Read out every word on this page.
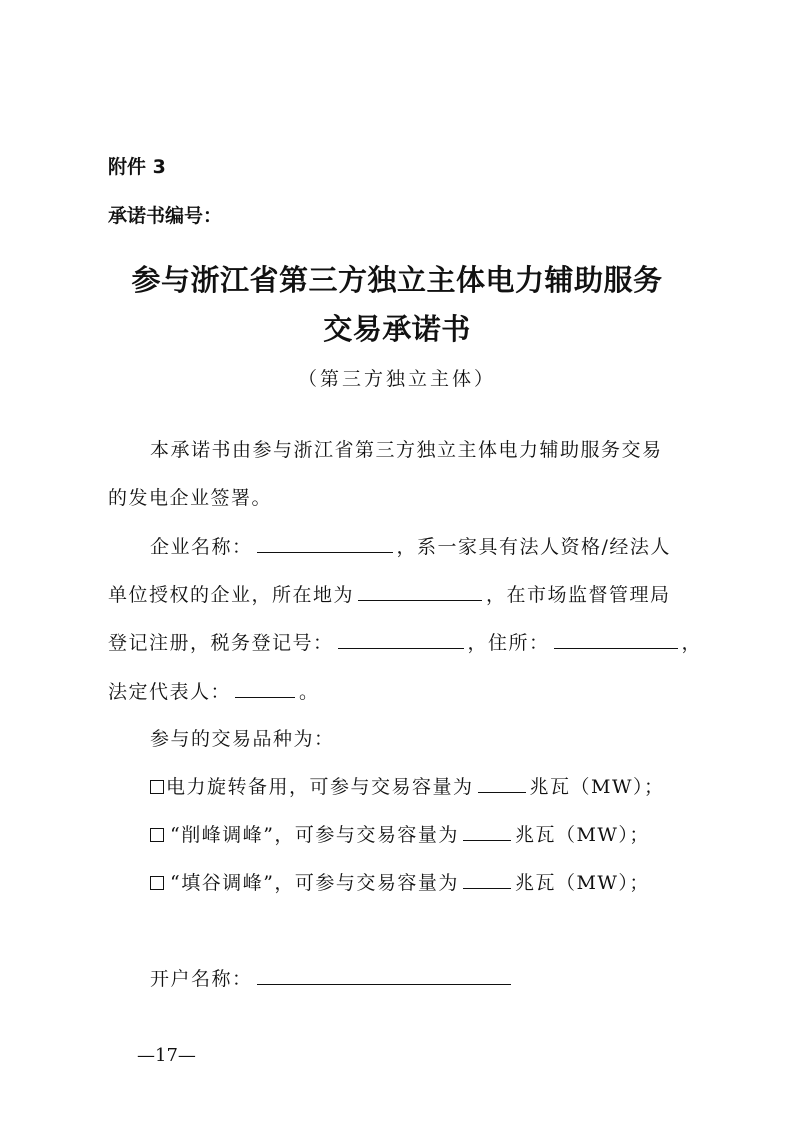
附件 3
承诺书编号：
参与浙江省第三方独立主体电力辅助服务
交易承诺书
（第三方独立主体）
本承诺书由参与浙江省第三方独立主体电力辅助服务交易
的发电企业签署。
企业名称：	，系一家具有法人资格/经法人
单位授权的企业，所在地为	，在市场监督管理局
登记注册，税务登记号：	，住所：	，
法定代表人：	。
参与的交易品种为：
电力旋转备用，可参与交易容量为	兆瓦（MW）；
“削峰调峰”，可参与交易容量为	兆瓦（MW）；
“填谷调峰”，可参与交易容量为	兆瓦（MW）；
开户名称：
—17—
